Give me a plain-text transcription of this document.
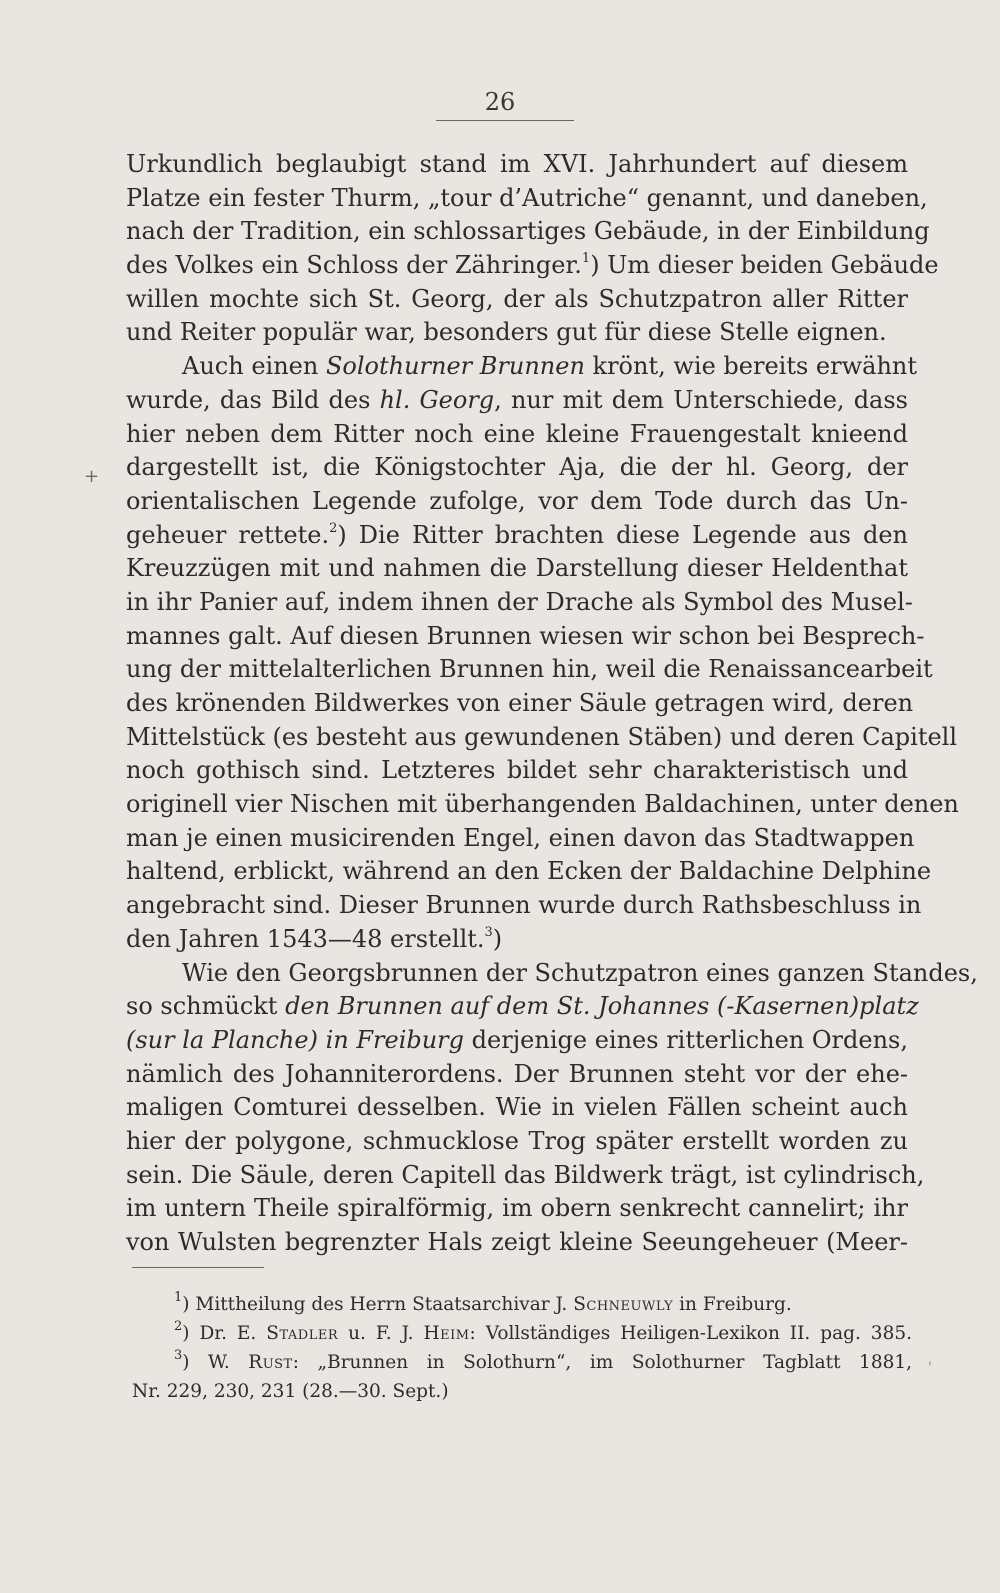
26
+
'
Urkundlich beglaubigt stand im XVI. Jahrhundert auf diesem
Platze ein fester Thurm, „tour d’Autriche“ genannt, und daneben,
nach der Tradition, ein schlossartiges Gebäude, in der Einbildung
des Volkes ein Schloss der Zähringer.$^1$) Um dieser beiden Gebäude
willen mochte sich St. Georg, der als Schutzpatron aller Ritter
und Reiter populär war, besonders gut für diese Stelle eignen.
Auch einen Solothurner Brunnen krönt, wie bereits erwähnt
wurde, das Bild des hl. Georg, nur mit dem Unterschiede, dass
hier neben dem Ritter noch eine kleine Frauengestalt knieend
dargestellt ist, die Königstochter Aja, die der hl. Georg, der
orientalischen Legende zufolge, vor dem Tode durch das Un-
geheuer rettete.$^2$) Die Ritter brachten diese Legende aus den
Kreuzzügen mit und nahmen die Darstellung dieser Heldenthat
in ihr Panier auf, indem ihnen der Drache als Symbol des Musel-
mannes galt. Auf diesen Brunnen wiesen wir schon bei Besprech-
ung der mittelalterlichen Brunnen hin, weil die Renaissancearbeit
des krönenden Bildwerkes von einer Säule getragen wird, deren
Mittelstück (es besteht aus gewundenen Stäben) und deren Capitell
noch gothisch sind. Letzteres bildet sehr charakteristisch und
originell vier Nischen mit überhangenden Baldachinen, unter denen
man je einen musicirenden Engel, einen davon das Stadtwappen
haltend, erblickt, während an den Ecken der Baldachine Delphine
angebracht sind. Dieser Brunnen wurde durch Rathsbeschluss in
den Jahren 1543—48 erstellt.$^3$)
Wie den Georgsbrunnen der Schutzpatron eines ganzen Standes,
so schmückt den Brunnen auf dem St. Johannes (-Kasernen)platz
(sur la Planche) in Freiburg derjenige eines ritterlichen Ordens,
nämlich des Johanniterordens. Der Brunnen steht vor der ehe-
maligen Comturei desselben. Wie in vielen Fällen scheint auch
hier der polygone, schmucklose Trog später erstellt worden zu
sein. Die Säule, deren Capitell das Bildwerk trägt, ist cylindrisch,
im untern Theile spiralförmig, im obern senkrecht cannelirt; ihr
von Wulsten begrenzter Hals zeigt kleine Seeungeheuer (Meer-
$^1$) Mittheilung des Herrn Staatsarchivar J. Schneuwly in Freiburg.
$^2$) Dr. E. Stadler u. F. J. Heim: Vollständiges Heiligen-Lexikon II. pag. 385.
$^3$) W. Rust: „Brunnen in Solothurn“, im Solothurner Tagblatt 1881,
Nr. 229, 230, 231 (28.—30. Sept.)
